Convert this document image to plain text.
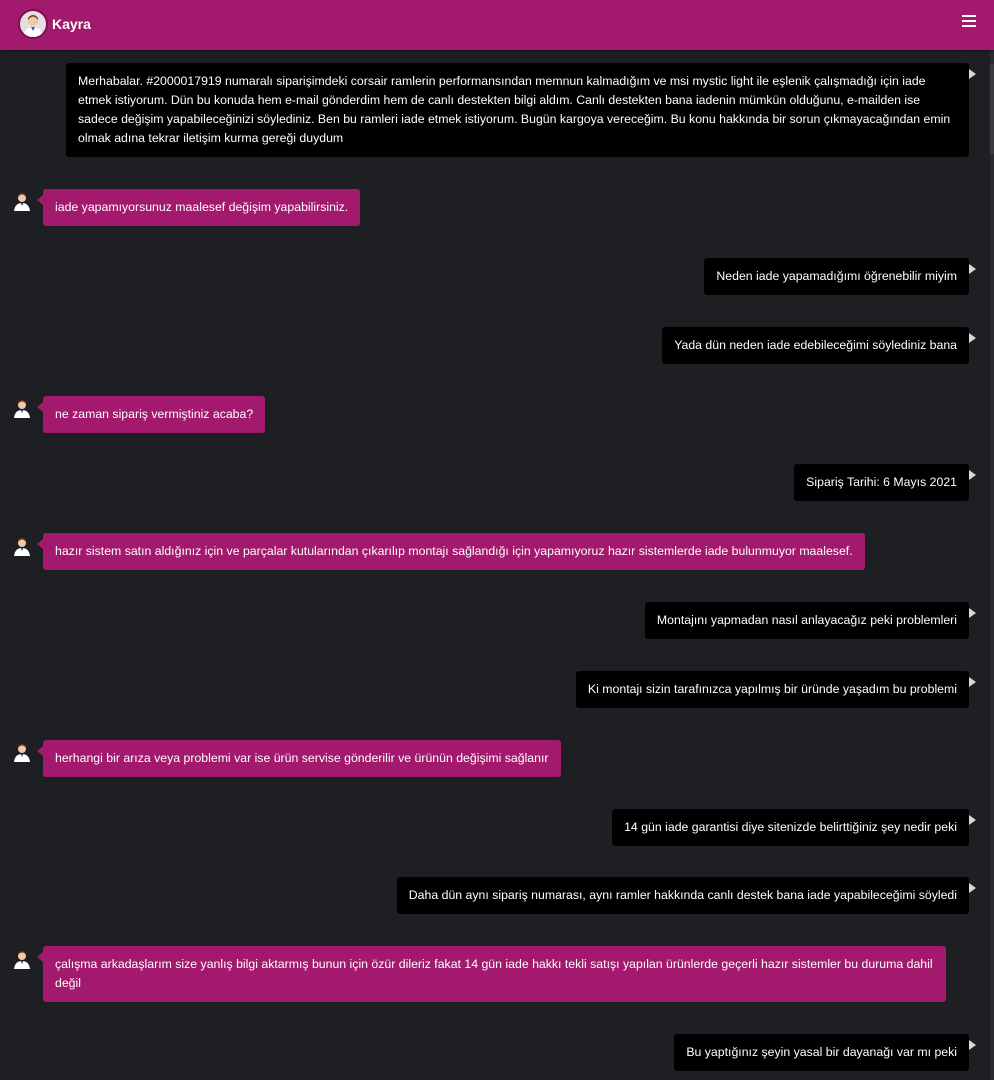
Kayra
Merhabalar. #2000017919 numaralı siparişimdeki corsair ramlerin performansından memnun kalmadığım ve msi mystic light ile eşlenik çalışmadığı için iade etmek istiyorum. Dün bu konuda hem e-mail gönderdim hem de canlı destekten bilgi aldım. Canlı destekten bana iadenin mümkün olduğunu, e-mailden ise sadece değişim yapabileceğinizi söylediniz. Ben bu ramleri iade etmek istiyorum. Bugün kargoya vereceğim. Bu konu hakkında bir sorun çıkmayacağından emin olmak adına tekrar iletişim kurma gereği duydum
iade yapamıyorsunuz maalesef değişim yapabilirsiniz.
Neden iade yapamadığımı öğrenebilir miyim
Yada dün neden iade edebileceğimi söylediniz bana
ne zaman sipariş vermiştiniz acaba?
Sipariş Tarihi: 6 Mayıs 2021
hazır sistem satın aldığınız için ve parçalar kutularından çıkarılıp montajı sağlandığı için yapamıyoruz hazır sistemlerde iade bulunmuyor maalesef.
Montajını yapmadan nasıl anlayacağız peki problemleri
Ki montajı sizin tarafınızca yapılmış bir üründe yaşadım bu problemi
herhangi bir arıza veya problemi var ise ürün servise gönderilir ve ürünün değişimi sağlanır
14 gün iade garantisi diye sitenizde belirttiğiniz şey nedir peki
Daha dün aynı sipariş numarası, aynı ramler hakkında canlı destek bana iade yapabileceğimi söyledi
çalışma arkadaşlarım size yanlış bilgi aktarmış bunun için özür dileriz fakat 14 gün iade hakkı tekli satışı yapılan ürünlerde geçerli hazır sistemler bu duruma dahil değil
Bu yaptığınız şeyin yasal bir dayanağı var mı peki
